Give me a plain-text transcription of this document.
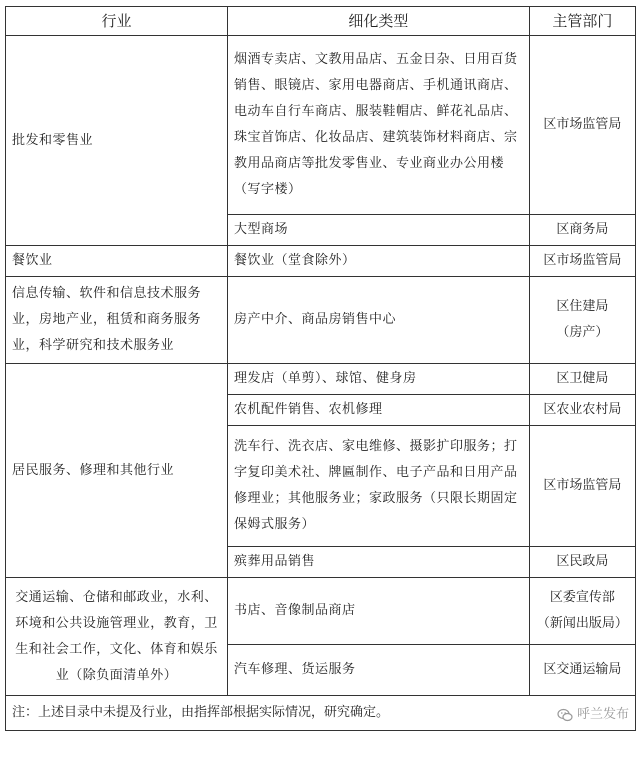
行业	细化类型	主管部门
批发和零售业	烟酒专卖店、文教用品店、五金日杂、日用百货销售、眼镜店、家用电器商店、手机通讯商店、电动车自行车商店、服装鞋帽店、鲜花礼品店、珠宝首饰店、化妆品店、建筑装饰材料商店、宗教用品商店等批发零售业、专业商业办公用楼（写字楼）	区市场监管局
	大型商场	区商务局
餐饮业	餐饮业（堂食除外）	区市场监管局
信息传输、软件和信息技术服务业，房地产业，租赁和商务服务业，科学研究和技术服务业	房产中介、商品房销售中心	区住建局
（房产）

居民服务、修理和其他行业	理发店（单剪）、球馆、健身房	区卫健局
	农机配件销售、农机修理	区农业农村局
	洗车行、洗衣店、家电维修、摄影扩印服务；打字复印美术社、牌匾制作、电子产品和日用产品修理业；其他服务业；家政服务（只限长期固定保姆式服务）	区市场监管局
	殡葬用品销售	区民政局
交通运输、仓储和邮政业，水利、环境和公共设施管理业，教育，卫生和社会工作，文化、体育和娱乐业（除负面清单外）	书店、音像制品商店	区委宣传部
（新闻出版局）

	汽车修理、货运服务	区交通运输局
注：上述目录中未提及行业，由指挥部根据实际情况，研究确定。 呼兰发布		
